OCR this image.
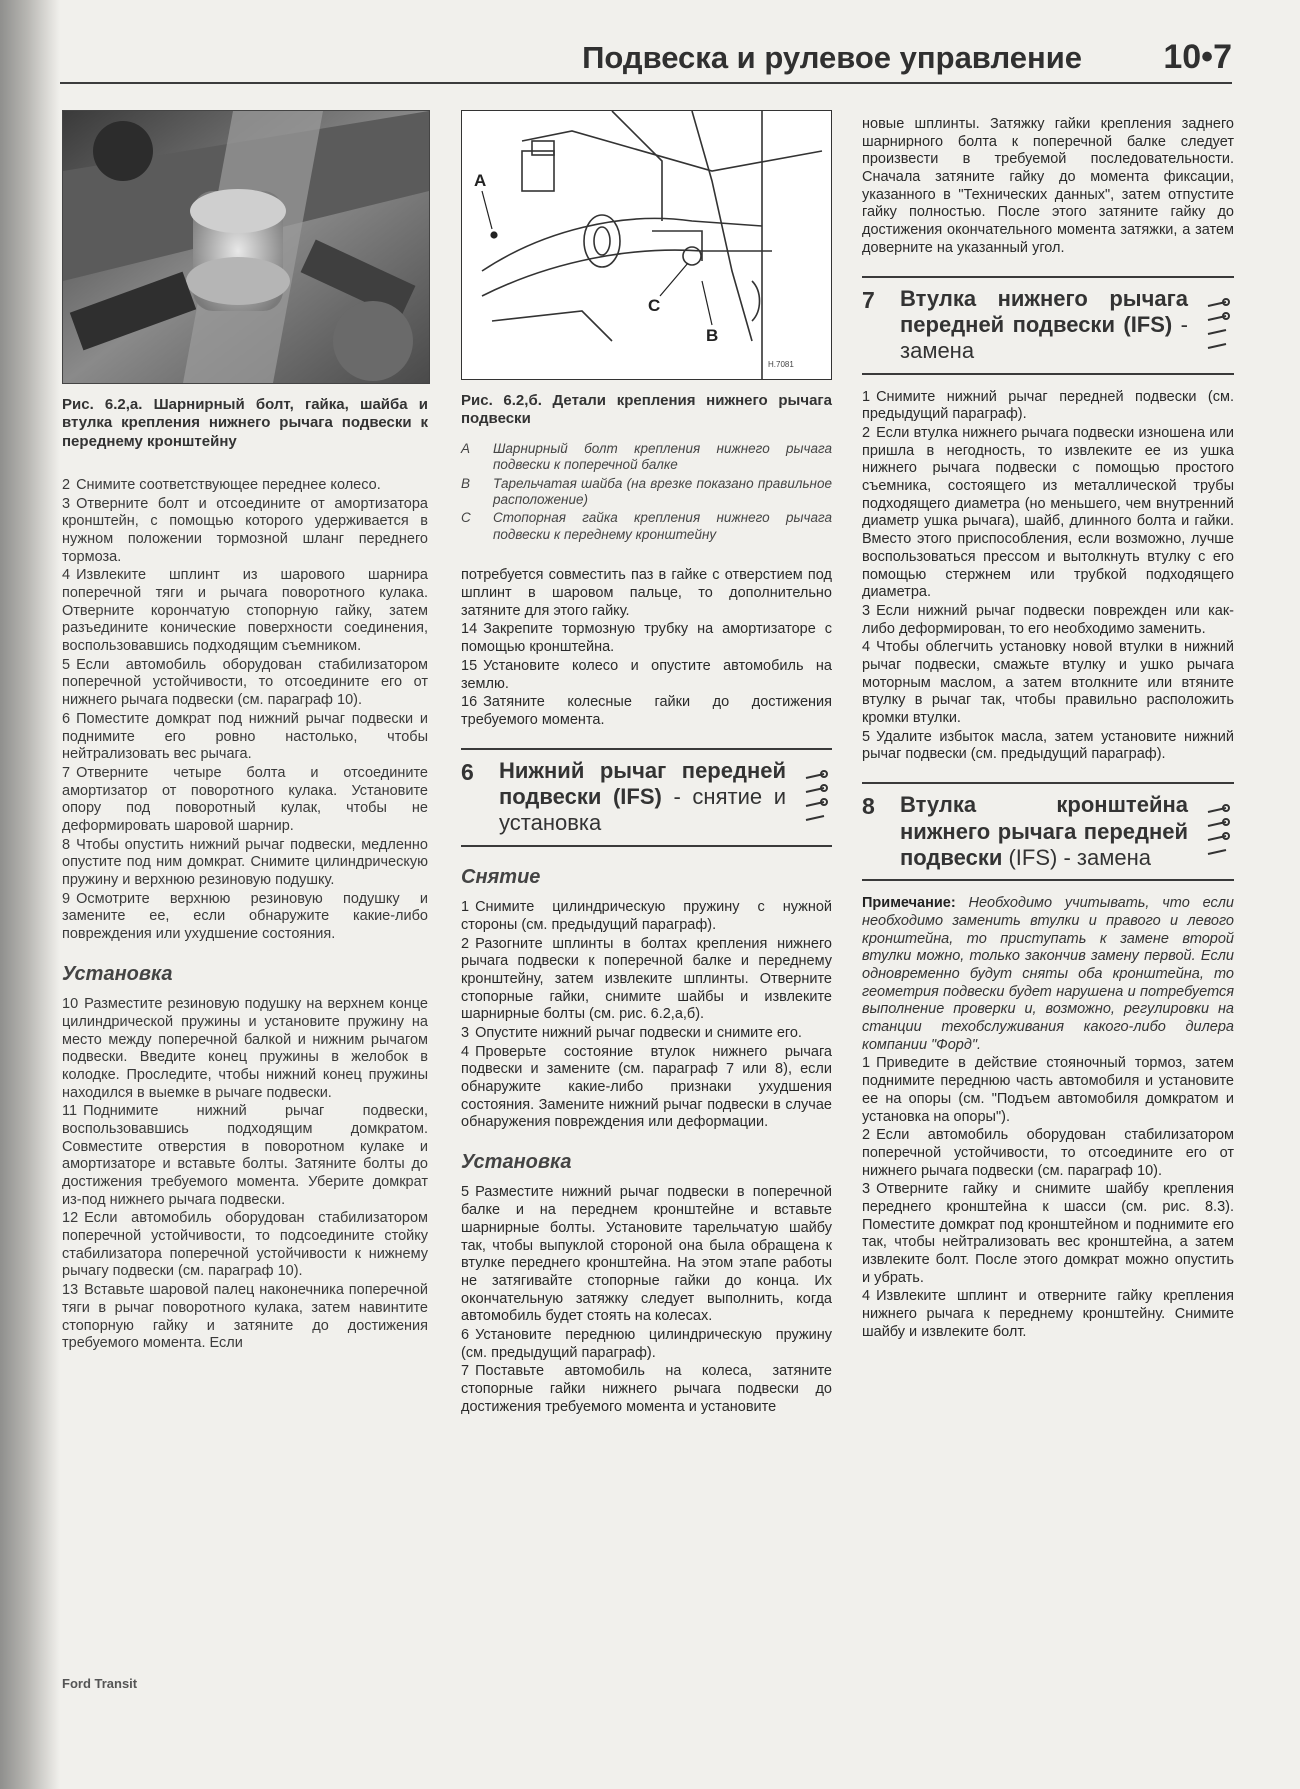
Подвеска и рулевое управление 10•7
Рис. 6.2,a. Шарнирный болт, гайка, шайба и втулка крепления нижнего рычага подвески к переднему кронштейну

2 Снимите соответствующее переднее колесо.

3 Отверните болт и отсоедините от амортизатора кронштейн, с помощью которого удерживается в нужном положении тормозной шланг переднего тормоза.

4 Извлеките шплинт из шарового шарнира поперечной тяги и рычага поворотного кулака. Отверните корончатую стопорную гайку, затем разъедините конические поверхности соединения, воспользовавшись подходящим съемником.

5 Если автомобиль оборудован стабилизатором поперечной устойчивости, то отсоедините его от нижнего рычага подвески (см. параграф 10).

6 Поместите домкрат под нижний рычаг подвески и поднимите его ровно настолько, чтобы нейтрализовать вес рычага.

7 Отверните четыре болта и отсоедините амортизатор от поворотного кулака. Установите опору под поворотный кулак, чтобы не деформировать шаровой шарнир.

8 Чтобы опустить нижний рычаг подвески, медленно опустите под ним домкрат. Снимите цилиндрическую пружину и верхнюю резиновую подушку.

9 Осмотрите верхнюю резиновую подушку и замените ее, если обнаружите какие-либо повреждения или ухудшение состояния.

Установка

10 Разместите резиновую подушку на верхнем конце цилиндрической пружины и установите пружину на место между поперечной балкой и нижним рычагом подвески. Введите конец пружины в желобок в колодке. Проследите, чтобы нижний конец пружины находился в выемке в рычаге подвески.

11 Поднимите нижний рычаг подвески, воспользовавшись подходящим домкратом. Совместите отверстия в поворотном кулаке и амортизаторе и вставьте болты. Затяните болты до достижения требуемого момента. Уберите домкрат из-под нижнего рычага подвески.

12 Если автомобиль оборудован стабилизатором поперечной устойчивости, то подсоедините стойку стабилизатора поперечной устойчивости к нижнему рычагу подвески (см. параграф 10).

13 Вставьте шаровой палец наконечника поперечной тяги в рычаг поворотного кулака, затем навинтите стопорную гайку и затяните до достижения требуемого момента. Если

A
C
B
H.7081
Рис. 6.2,б. Детали крепления нижнего рычага подвески
A	Шарнирный болт крепления нижнего рычага подвески к поперечной балке
B	Тарельчатая шайба (на врезке показано правильное расположение)
C	Стопорная гайка крепления нижнего рычага подвески к переднему кронштейну

потребуется совместить паз в гайке с отверстием под шплинт в шаровом пальце, то дополнительно затяните для этого гайку.

14 Закрепите тормозную трубку на амортизаторе с помощью кронштейна.

15 Установите колесо и опустите автомобиль на землю.

16 Затяните колесные гайки до достижения требуемого момента.

6 Нижний рычаг передней подвески (IFS) - снятие и установка
Снятие

1 Снимите цилиндрическую пружину с нужной стороны (см. предыдущий параграф).

2 Разогните шплинты в болтах крепления нижнего рычага подвески к поперечной балке и переднему кронштейну, затем извлеките шплинты. Отверните стопорные гайки, снимите шайбы и извлеките шарнирные болты (см. рис. 6.2,а,б).

3 Опустите нижний рычаг подвески и снимите его.

4 Проверьте состояние втулок нижнего рычага подвески и замените (см. параграф 7 или 8), если обнаружите какие-либо признаки ухудшения состояния. Замените нижний рычаг подвески в случае обнаружения повреждения или деформации.

Установка

5 Разместите нижний рычаг подвески в поперечной балке и на переднем кронштейне и вставьте шарнирные болты. Установите тарельчатую шайбу так, чтобы выпуклой стороной она была обращена к втулке переднего кронштейна. На этом этапе работы не затягивайте стопорные гайки до конца. Их окончательную затяжку следует выполнить, когда автомобиль будет стоять на колесах.

6 Установите переднюю цилиндрическую пружину (см. предыдущий параграф).

7 Поставьте автомобиль на колеса, затяните стопорные гайки нижнего рычага подвески до достижения требуемого момента и установите

новые шплинты. Затяжку гайки крепления заднего шарнирного болта к поперечной балке следует произвести в требуемой последовательности. Сначала затяните гайку до момента фиксации, указанного в "Технических данных", затем отпустите гайку полностью. После этого затяните гайку до достижения окончательного момента затяжки, а затем доверните на указанный угол.

7 Втулка нижнего рычага передней подвески (IFS) - замена

1 Снимите нижний рычаг передней подвески (см. предыдущий параграф).

2 Если втулка нижнего рычага подвески изношена или пришла в негодность, то извлеките ее из ушка нижнего рычага подвески с помощью простого съемника, состоящего из металлической трубы подходящего диаметра (но меньшего, чем внутренний диаметр ушка рычага), шайб, длинного болта и гайки. Вместо этого приспособления, если возможно, лучше воспользоваться прессом и вытолкнуть втулку с его помощью стержнем или трубкой подходящего диаметра.

3 Если нижний рычаг подвески поврежден или как-либо деформирован, то его необходимо заменить.

4 Чтобы облегчить установку новой втулки в нижний рычаг подвески, смажьте втулку и ушко рычага моторным маслом, а затем втолкните или втяните втулку в рычаг так, чтобы правильно расположить кромки втулки.

5 Удалите избыток масла, затем установите нижний рычаг подвески (см. предыдущий параграф).

8 Втулка кронштейна нижнего рычага передней подвески (IFS) - замена

Примечание: Необходимо учитывать, что если необходимо заменить втулки и правого и левого кронштейна, то приступать к замене второй втулки можно, только закончив замену первой. Если одновременно будут сняты оба кронштейна, то геометрия подвески будет нарушена и потребуется выполнение проверки и, возможно, регулировки на станции техобслуживания какого-либо дилера компании "Форд".

1 Приведите в действие стояночный тормоз, затем поднимите переднюю часть автомобиля и установите ее на опоры (см. "Подъем автомобиля домкратом и установка на опоры").

2 Если автомобиль оборудован стабилизатором поперечной устойчивости, то отсоедините его от нижнего рычага подвески (см. параграф 10).

3 Отверните гайку и снимите шайбу крепления переднего кронштейна к шасси (см. рис. 8.3). Поместите домкрат под кронштейном и поднимите его так, чтобы нейтрализовать вес кронштейна, а затем извлеките болт. После этого домкрат можно опустить и убрать.

4 Извлеките шплинт и отверните гайку крепления нижнего рычага к переднему кронштейну. Снимите шайбу и извлеките болт.

Ford Transit
